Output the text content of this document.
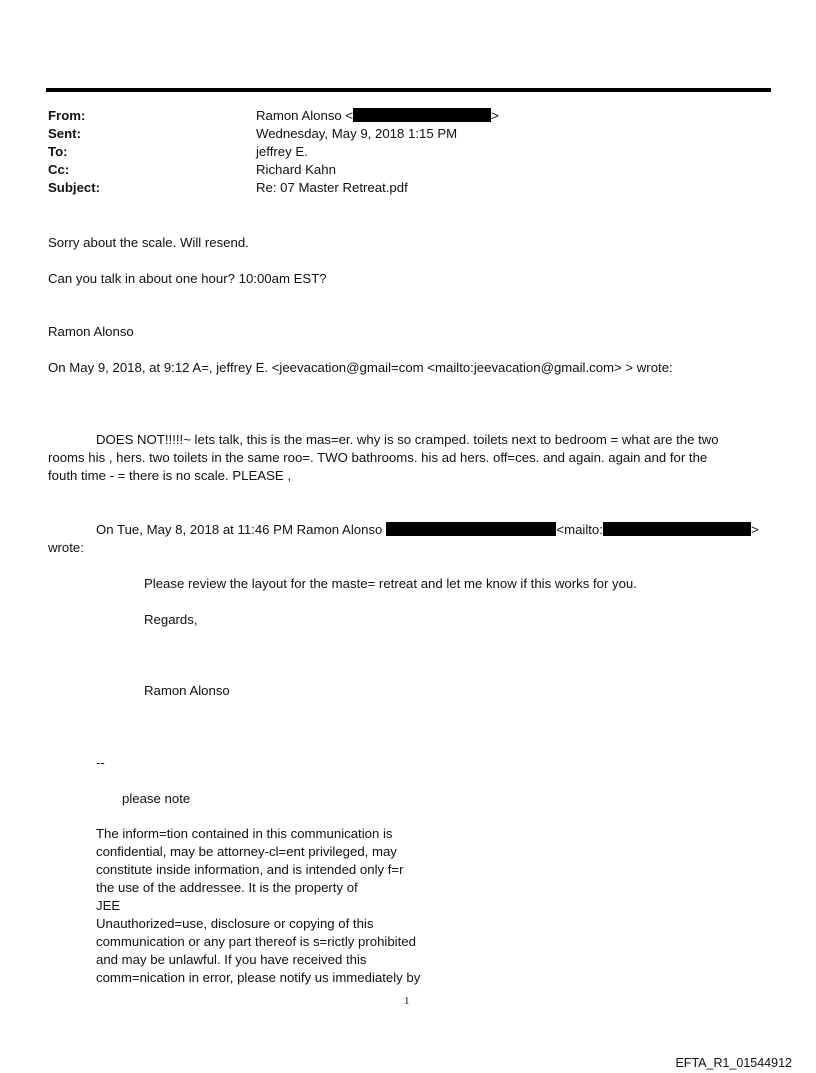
From:	Ramon Alonso <	>
Sent:	Wednesday, May 9, 2018 1:15 PM
To:	jeffrey E.
Cc:	Richard Kahn
Subject:	Re: 07 Master Retreat.pdf
Sorry about the scale. Will resend.
Can you talk in about one hour? 10:00am EST?
Ramon Alonso
On May 9, 2018, at 9:12 A=, jeffrey E. <jeevacation@gmail=com <mailto:jeevacation@gmail.com> > wrote:
DOES NOT!!!!!~ lets talk, this is the mas=er. why is so cramped. toilets next to bedroom = what are the two
rooms his , hers. two toilets in the same roo=. TWO bathrooms. his ad hers. off=ces. and again. again and for the
fouth time - = there is no scale. PLEASE ,
On Tue, May 8, 2018 at 11:46 PM Ramon Alonso	<mailto:	>
wrote:
Please review the layout for the maste= retreat and let me know if this works for you.
Regards,
Ramon Alonso
--
please note
The inform=tion contained in this communication is
confidential, may be attorney-cl=ent privileged, may
constitute inside information, and is intended only f=r
the use of the addressee. It is the property of
JEE
Unauthorized=use, disclosure or copying of this
communication or any part thereof is s=rictly prohibited
and may be unlawful. If you have received this
comm=nication in error, please notify us immediately by
1
EFTA_R1_01544912
